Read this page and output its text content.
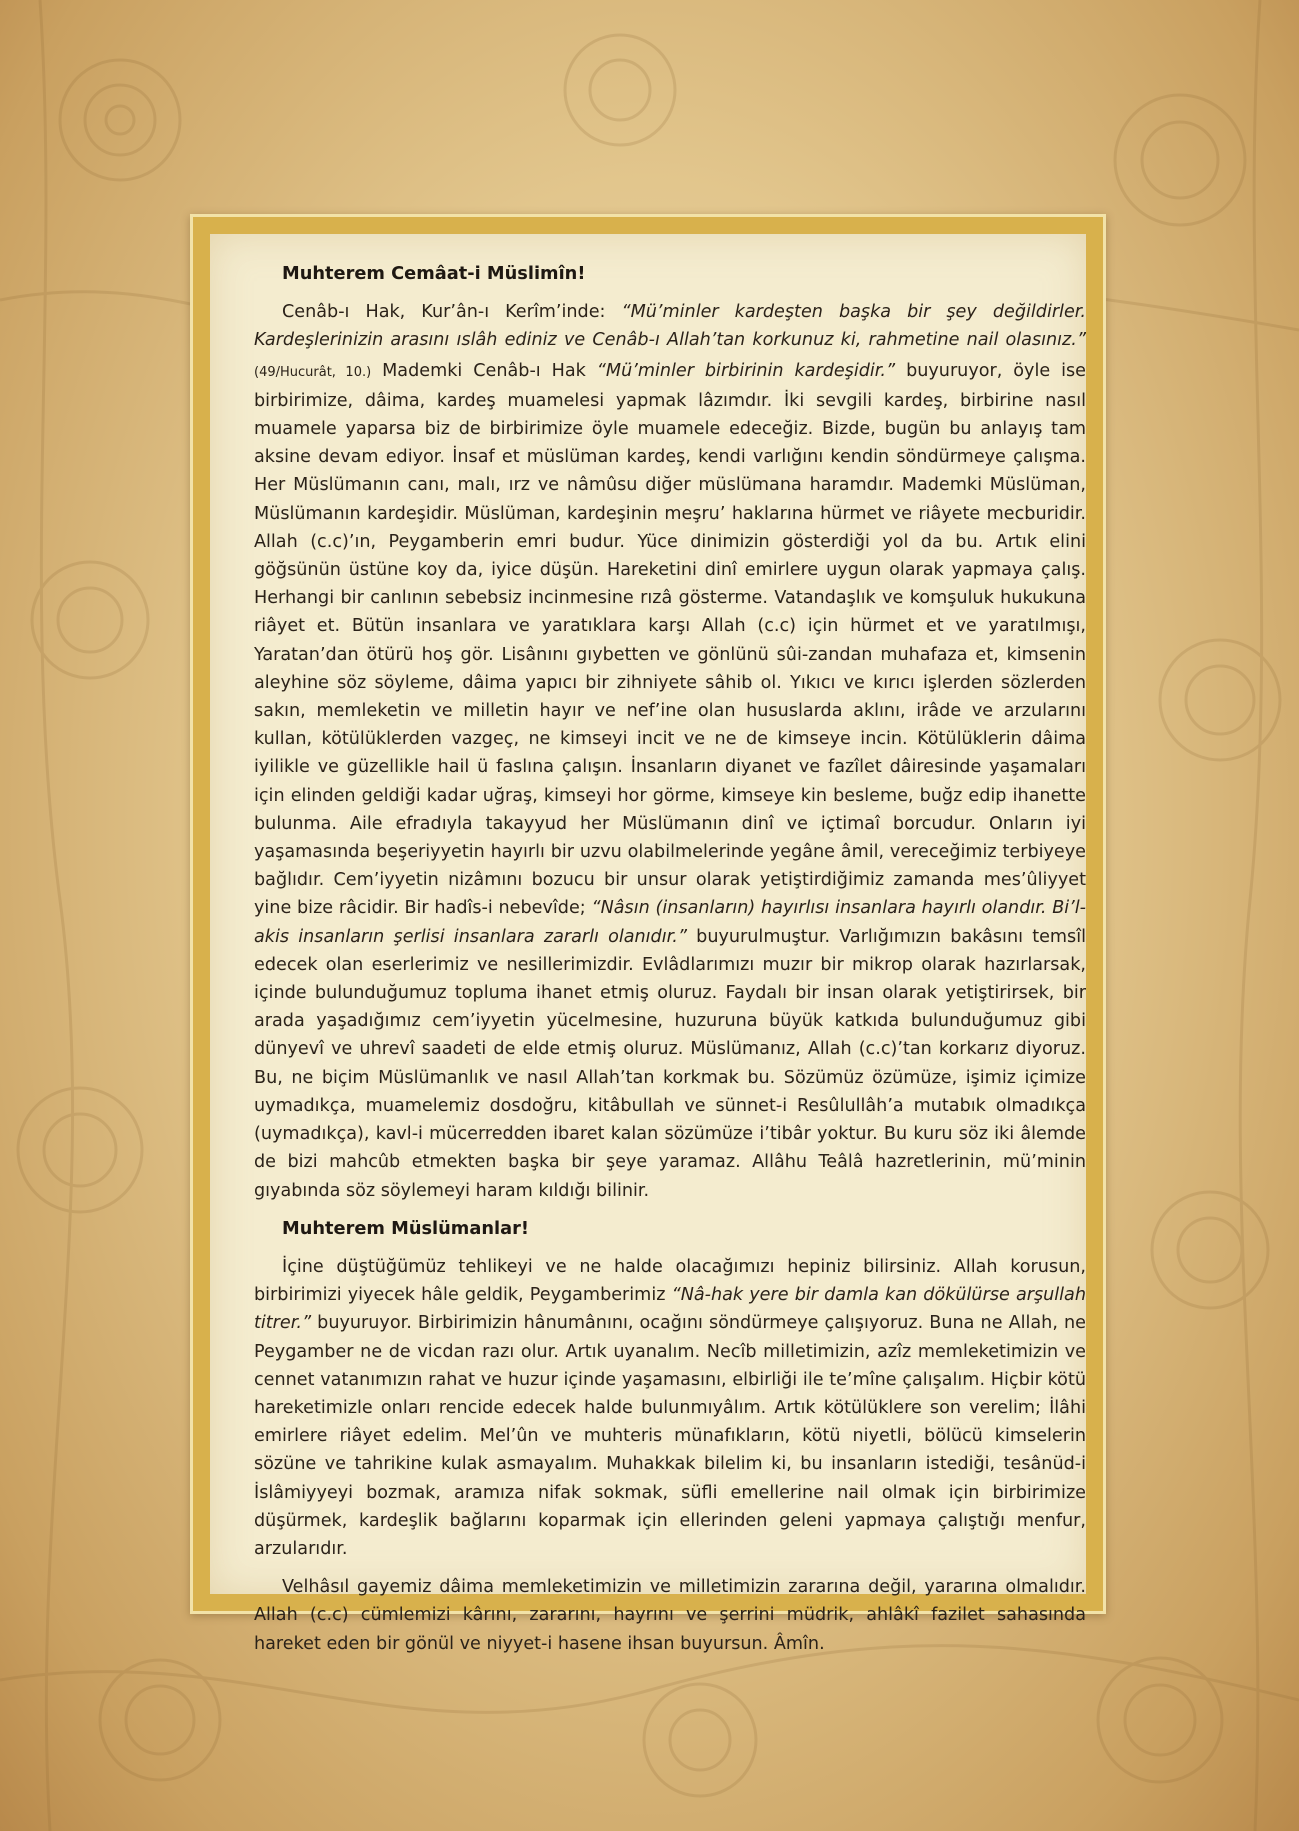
Muhterem Cemâat-i Müslimîn!

Cenâb-ı Hak, Kur’ân-ı Kerîm’inde: “Mü’minler kardeşten başka bir şey değildirler. Kardeşlerinizin arasını ıslâh ediniz ve Cenâb-ı Allah’tan korkunuz ki, rahmetine nail olasınız.” (49/Hucurât, 10.) Mademki Cenâb-ı Hak “Mü’minler birbirinin kardeşidir.” buyuruyor, öyle ise birbirimize, dâima, kardeş muamelesi yapmak lâzımdır. İki sevgili kardeş, birbirine nasıl muamele yaparsa biz de birbirimize öyle muamele edeceğiz. Bizde, bugün bu anlayış tam aksine devam ediyor. İnsaf et müslüman kardeş, kendi varlığını kendin söndürmeye çalışma. Her Müslümanın canı, malı, ırz ve nâmûsu diğer müslümana haramdır. Mademki Müslüman, Müslümanın kardeşidir. Müslüman, kardeşinin meşru’ haklarına hürmet ve riâyete mecburidir. Allah (c.c)’ın, Peygamberin emri budur. Yüce dinimizin gösterdiği yol da bu. Artık elini göğsünün üstüne koy da, iyice düşün. Hareketini dinî emirlere uygun olarak yapmaya çalış. Herhangi bir canlının sebebsiz incinmesine rızâ gösterme. Vatandaşlık ve komşuluk hukukuna riâyet et. Bütün insanlara ve yaratıklara karşı Allah (c.c) için hürmet et ve yaratılmışı, Yaratan’dan ötürü hoş gör. Lisânını gıybetten ve gönlünü sûi-zandan muhafaza et, kimsenin aleyhine söz söyleme, dâima yapıcı bir zihniyete sâhib ol. Yıkıcı ve kırıcı işlerden sözlerden sakın, memleketin ve milletin hayır ve nef’ine olan hususlarda aklını, irâde ve arzularını kullan, kötülüklerden vazgeç, ne kimseyi incit ve ne de kimseye incin. Kötülüklerin dâima iyilikle ve güzellikle hail ü faslına çalışın. İnsanların diyanet ve fazîlet dâiresinde yaşamaları için elinden geldiği kadar uğraş, kimseyi hor görme, kimseye kin besleme, buğz edip ihanette bulunma. Aile efradıyla takayyud her Müslümanın dinî ve içtimaî borcudur. Onların iyi yaşamasında beşeriyyetin hayırlı bir uzvu olabilmelerinde yegâne âmil, vereceğimiz terbiyeye bağlıdır. Cem’iyyetin nizâmını bozucu bir unsur olarak yetiştirdiğimiz zamanda mes’ûliyyet yine bize râcidir. Bir hadîs-i nebevîde; “Nâsın (insanların) hayırlısı insanlara hayırlı olandır. Bi’l-akis insanların şerlisi insanlara zararlı olanıdır.” buyurulmuştur. Varlığımızın bakâsını temsîl edecek olan eserlerimiz ve nesillerimizdir. Evlâdlarımızı muzır bir mikrop olarak hazırlarsak, içinde bulunduğumuz topluma ihanet etmiş oluruz. Faydalı bir insan olarak yetiştirirsek, bir arada yaşadığımız cem’iyyetin yücelmesine, huzuruna büyük katkıda bulunduğumuz gibi dünyevî ve uhrevî saadeti de elde etmiş oluruz. Müslümanız, Allah (c.c)’tan korkarız diyoruz. Bu, ne biçim Müslümanlık ve nasıl Allah’tan korkmak bu. Sözümüz özümüze, işimiz içimize uymadıkça, muamelemiz dosdoğru, kitâbullah ve sünnet-i Resûlullâh’a mutabık olmadıkça (uymadıkça), kavl-i mücerredden ibaret kalan sözümüze i’tibâr yoktur. Bu kuru söz iki âlemde de bizi mahcûb etmekten başka bir şeye yaramaz. Allâhu Teâlâ hazretlerinin, mü’minin gıyabında söz söylemeyi haram kıldığı bilinir.

Muhterem Müslümanlar!

İçine düştüğümüz tehlikeyi ve ne halde olacağımızı hepiniz bilirsiniz. Allah korusun, birbirimizi yiyecek hâle geldik, Peygamberimiz “Nâ-hak yere bir damla kan dökülürse arşullah titrer.” buyuruyor. Birbirimizin hânumânını, ocağını söndürmeye çalışıyoruz. Buna ne Allah, ne Peygamber ne de vicdan razı olur. Artık uyanalım. Necîb milletimizin, azîz memleketimizin ve cennet vatanımızın rahat ve huzur içinde yaşamasını, elbirliği ile te’mîne çalışalım. Hiçbir kötü hareketimizle onları rencide edecek halde bulunmıyâlım. Artık kötülüklere son verelim; İlâhi emirlere riâyet edelim. Mel’ûn ve muhteris münafıkların, kötü niyetli, bölücü kimselerin sözüne ve tahrikine kulak asmayalım. Muhakkak bilelim ki, bu insanların istediği, tesânüd-i İslâmiyyeyi bozmak, aramıza nifak sokmak, süfli emellerine nail olmak için birbirimize düşürmek, kardeşlik bağlarını koparmak için ellerinden geleni yapmaya çalıştığı menfur, arzularıdır.

Velhâsıl gayemiz dâima memleketimizin ve milletimizin zararına değil, yararına olmalıdır. Allah (c.c) cümlemizi kârını, zararını, hayrını ve şerrini müdrik, ahlâkî fazilet sahasında hareket eden bir gönül ve niyyet-i hasene ihsan buyursun. Âmîn.
